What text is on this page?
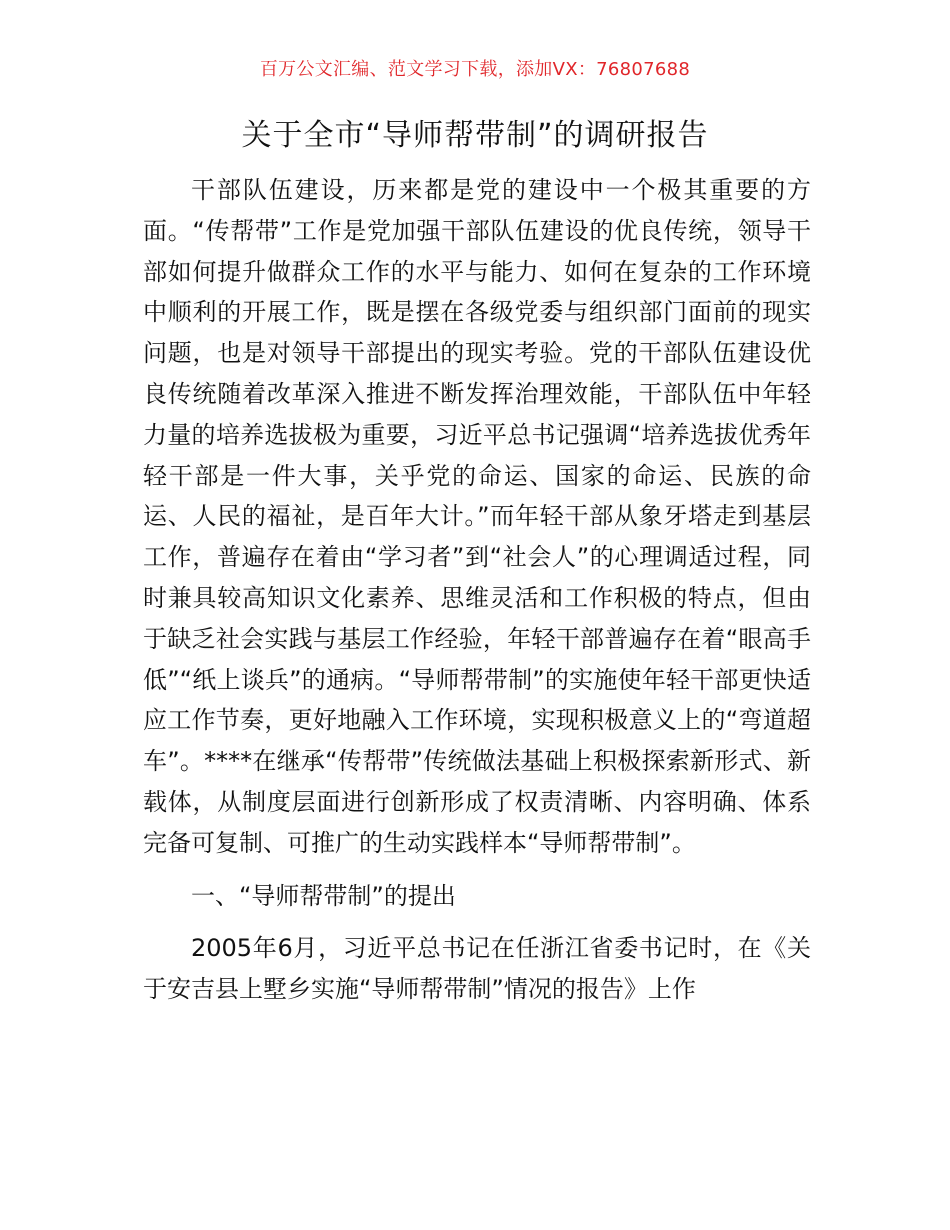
百万公文汇编、范文学习下载，添加VX：76807688
关于全市“导师帮带制”的调研报告

干部队伍建设，历来都是党的建设中一个极其重要的方面。“传帮带”工作是党加强干部队伍建设的优良传统，领导干部如何提升做群众工作的水平与能力、如何在复杂的工作环境中顺利的开展工作，既是摆在各级党委与组织部门面前的现实问题，也是对领导干部提出的现实考验。党的干部队伍建设优良传统随着改革深入推进不断发挥治理效能，干部队伍中年轻力量的培养选拔极为重要，习近平总书记强调“培养选拔优秀年轻干部是一件大事，关乎党的命运、国家的命运、民族的命运、人民的福祉，是百年大计。”而年轻干部从象牙塔走到基层工作，普遍存在着由“学习者”到“社会人”的心理调适过程，同时兼具较高知识文化素养、思维灵活和工作积极的特点，但由于缺乏社会实践与基层工作经验，年轻干部普遍存在着“眼高手低”“纸上谈兵”的通病。“导师帮带制”的实施使年轻干部更快适应工作节奏，更好地融入工作环境，实现积极意义上的“弯道超车”。****在继承“传帮带”传统做法基础上积极探索新形式、新载体，从制度层面进行创新形成了权责清晰、内容明确、体系完备可复制、可推广的生动实践样本“导师帮带制”。

一、“导师帮带制”的提出

2005年6月，习近平总书记在任浙江省委书记时，在《关于安吉县上墅乡实施“导师帮带制”情况的报告》上作
